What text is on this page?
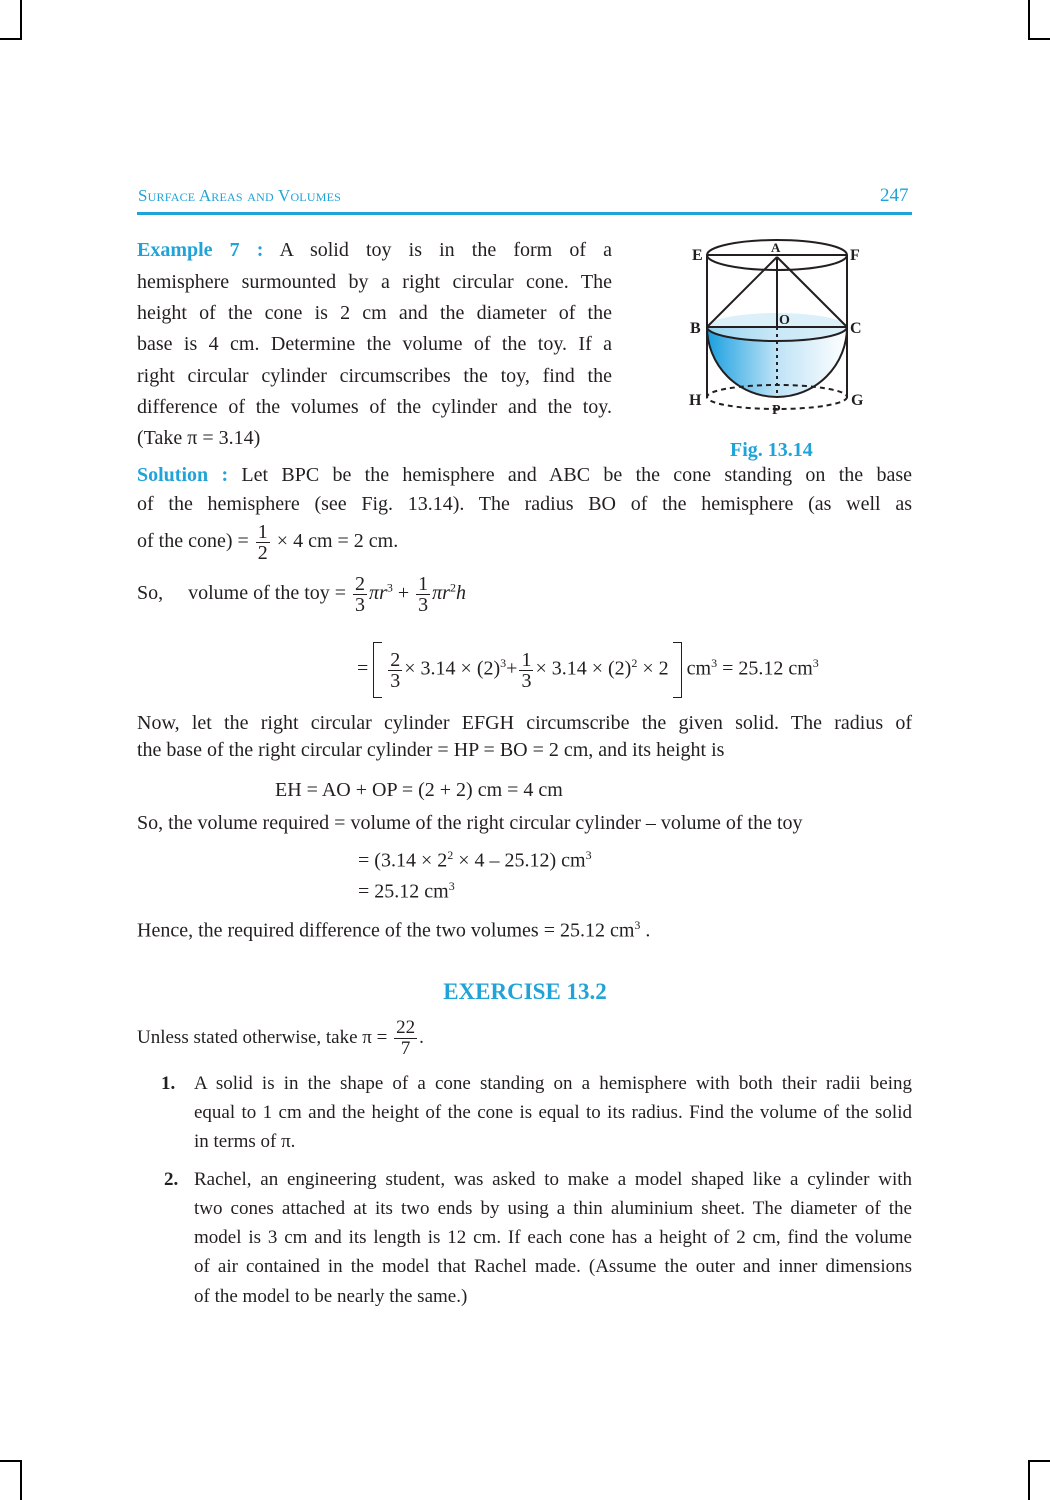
Surface Areas and Volumes	247
Example 7 : A solid toy is in the form of a
hemisphere surmounted by a right circular cone. The
height of the cone is 2 cm and the diameter of the
base is 4 cm. Determine the volume of the toy. If a
right circular cylinder circumscribes the toy, find the
difference of the volumes of the cylinder and the toy.
(Take π = 3.14)
E	F
A
B	C
O
H	G
P
Fig. 13.14
Solution : Let BPC be the hemisphere and ABC be the cone standing on the base
of the hemisphere (see Fig. 13.14). The radius BO of the hemisphere (as well as
of the cone) = $\frac{1}{2} \times 4$ cm = 2 cm.
So, volume of the toy = $\frac{2}{3} \pi r^3 + \frac{1}{3} \pi r^2h$
= $\frac{2}{3} \times 3.14 \times (2)^3+ \frac{1}{3} \times 3.14 \times (2)^2 \times 2$ $cm^3 = 25.12$ $cm^3$
Now, let the right circular cylinder EFGH circumscribe the given solid. The radius of
the base of the right circular cylinder = HP = BO = 2 cm, and its height is
EH = AO + OP = (2 + 2) cm = 4 cm
So, the volume required = volume of the right circular cylinder – volume of the toy
= $(3.14 \times 2^2 \times 4 - 25.12)$ $cm^3$
= 25.12 $cm^3$
Hence, the required difference of the two volumes = 25.12 $cm^3$ .
EXERCISE 13.2
Unless stated otherwise, take $\pi = \frac{22}{7}$ .
1. A solid is in the shape of a cone standing on a hemisphere with both their radii being
equal to 1 cm and the height of the cone is equal to its radius. Find the volume of the solid
in terms of π.
2. Rachel, an engineering student, was asked to make a model shaped like a cylinder with
two cones attached at its two ends by using a thin aluminium sheet. The diameter of the
model is 3 cm and its length is 12 cm. If each cone has a height of 2 cm, find the volume
of air contained in the model that Rachel made. (Assume the outer and inner dimensions
of the model to be nearly the same.)
